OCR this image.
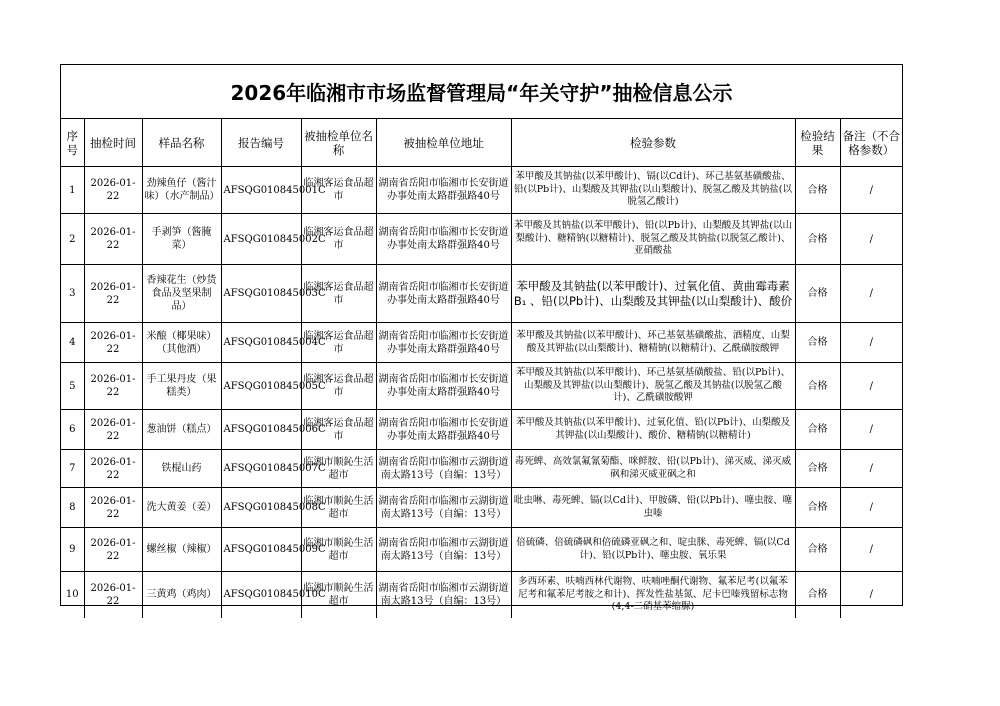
2026年临湘市市场监督管理局“年关守护”抽检信息公示
序号	抽检时间	样品名称	报告编号	被抽检单位名称	被抽检单位地址	检验参数	检验结果	备注（不合格参数）

1	2026-01-22	劲辣鱼仔（酱汁味）（水产制品）	AFSQG010845001C	临湘客运食品超市	湖南省岳阳市临湘市长安街道办事处南太路群强路40号	苯甲酸及其钠盐(以苯甲酸计)、镉(以Cd计)、环己基氨基磺酸盐、铅(以Pb计)、山梨酸及其钾盐(以山梨酸计)、脱氢乙酸及其钠盐(以脱氢乙酸计)	合格	/

2	2026-01-22	手剥笋（酱腌菜）	AFSQG010845002C	临湘客运食品超市	湖南省岳阳市临湘市长安街道办事处南太路群强路40号	苯甲酸及其钠盐(以苯甲酸计)、铅(以Pb计)、山梨酸及其钾盐(以山梨酸计)、糖精钠(以糖精计)、脱氢乙酸及其钠盐(以脱氢乙酸计)、亚硝酸盐	合格	/

3	2026-01-22	香辣花生（炒货食品及坚果制品）	AFSQG010845003C	临湘客运食品超市	湖南省岳阳市临湘市长安街道办事处南太路群强路40号	苯甲酸及其钠盐(以苯甲酸计)、过氧化值、黄曲霉毒素B₁ 、铅(以Pb计)、山梨酸及其钾盐(以山梨酸计)、酸价	合格	/

4	2026-01-22	米酿（椰果味）（其他酒）	AFSQG010845004C	临湘客运食品超市	湖南省岳阳市临湘市长安街道办事处南太路群强路40号	苯甲酸及其钠盐(以苯甲酸计)、环己基氨基磺酸盐、酒精度、山梨酸及其钾盐(以山梨酸计)、糖精钠(以糖精计)、乙酰磺胺酸钾	合格	/

5	2026-01-22	手工果丹皮（果糕类）	AFSQG010845005C	临湘客运食品超市	湖南省岳阳市临湘市长安街道办事处南太路群强路40号	苯甲酸及其钠盐(以苯甲酸计)、环己基氨基磺酸盐、铅(以Pb计)、山梨酸及其钾盐(以山梨酸计)、脱氢乙酸及其钠盐(以脱氢乙酸计)、乙酰磺胺酸钾	合格	/

6	2026-01-22	葱油饼（糕点）	AFSQG010845006C	临湘客运食品超市	湖南省岳阳市临湘市长安街道办事处南太路群强路40号	苯甲酸及其钠盐(以苯甲酸计)、过氧化值、铅(以Pb计)、山梨酸及其钾盐(以山梨酸计)、酸价、糖精钠(以糖精计)	合格	/

7	2026-01-22	铁棍山药	AFSQG010845007C	临湘市顺鈊生活超市	湖南省岳阳市临湘市云湖街道南太路13号（自编：13号）	毒死蜱、高效氯氟氰菊酯、咪鲜胺、铅(以Pb计)、涕灭威、涕灭威砜和涕灭威亚砜之和	合格	/

8	2026-01-22	洗大黄姜（姜）	AFSQG010845008C	临湘市顺鈊生活超市	湖南省岳阳市临湘市云湖街道南太路13号（自编：13号）	吡虫啉、毒死蜱、镉(以Cd计)、甲胺磷、铅(以Pb计)、噻虫胺、噻虫嗪	合格	/

9	2026-01-22	螺丝椒（辣椒）	AFSQG010845009C	临湘市顺鈊生活超市	湖南省岳阳市临湘市云湖街道南太路13号（自编：13号）	倍硫磷、倍硫磷砜和倍硫磷亚砜之和、啶虫脒、毒死蜱、镉(以Cd计)、铅(以Pb计)、噻虫胺、氧乐果	合格	/

10	2026-01-22	三黄鸡（鸡肉）	AFSQG010845010C	临湘市顺鈊生活超市	湖南省岳阳市临湘市云湖街道南太路13号（自编：13号）	多西环素、呋喃西林代谢物、呋喃唑酮代谢物、氟苯尼考(以氟苯尼考和氟苯尼考胺之和计)、挥发性盐基氮、尼卡巴嗪残留标志物(4,4-二硝基苯缩脲)	合格	/
